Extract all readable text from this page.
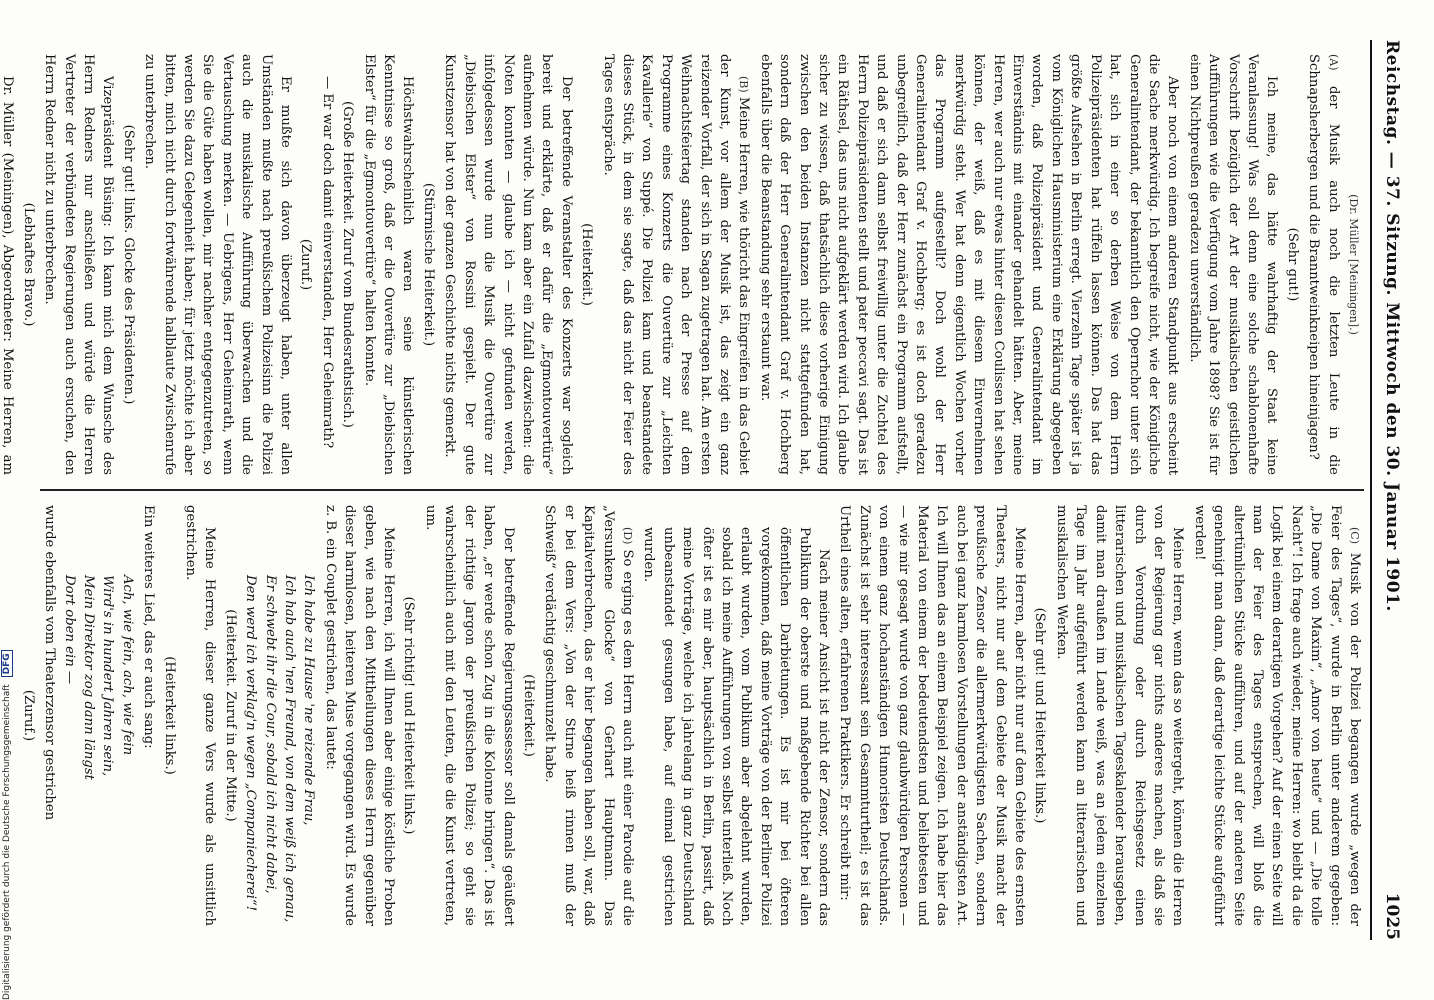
Reichstag. — 37. Sitzung. Mittwoch den 30. Januar 1901.
1025

(Dr. Müller [Meiningen].)

(A) der Musik auch noch die letzten Leute in die Schnapsherbergen und die Branntweinkneipen hineinjagen?

(Sehr gut!)

Ich meine, das hätte wahrhaftig der Staat keine Veranlassung! Was soll denn eine solche schablonenhafte Vorschrift bezüglich der Art der musikalischen geistlichen Aufführungen wie die Verfügung vom Jahre 1898? Sie ist für einen Nichtpreußen geradezu unverständlich.

Aber noch von einem anderen Standpunkt aus erscheint die Sache merkwürdig. Ich begreife nicht, wie der Königliche Generalintendant, der bekanntlich den Opernchor unter sich hat, sich in einer so derben Weise von dem Herrn Polizeipräsidenten hat rüffeln lassen können. Das hat das größte Aufsehen in Berlin erregt. Vierzehn Tage später ist ja vom Königlichen Hausministerium eine Erklärung abgegeben worden, daß Polizeipräsident und Generalintendant im Einverständnis mit einander gehandelt hätten. Aber, meine Herren, wer auch nur etwas hinter diesen Coulissen hat sehen können, der weiß, daß es mit diesem Einvernehmen merkwürdig steht. Wer hat denn eigentlich Wochen vorher das Programm aufgestellt? Doch wohl der Herr Generalintendant Graf v. Hochberg; es ist doch geradezu unbegreiflich, daß der Herr zunächst ein Programm aufstellt, und daß er sich dann selbst freiwillig unter die Zuchtel des Herrn Polizeipräsidenten stellt und pater peccavi sagt. Das ist ein Räthsel, das uns nicht aufgeklärt werden wird. Ich glaube sicher zu wissen, daß thatsächlich diese vorherige Einigung zwischen den beiden Instanzen nicht stattgefunden hat, sondern daß der Herr Generalintendant Graf v. Hochberg ebenfalls über die Beanstandung sehr erstaunt war.

(B) Meine Herren, wie thöricht das Eingreifen in das Gebiet der Kunst, vor allem der Musik ist, das zeigt ein ganz reizender Vorfall, der sich in Sagan zugetragen hat. Am ersten Weihnachtsfeiertag standen nach der Presse auf dem Programme eines Konzerts die Ouvertüre zur „Leichten Kavallerie“ von Suppé. Die Polizei kam und beanstandete dieses Stück, in dem sie sagte, daß das nicht der Feier des Tages entspräche.

(Heiterkeit.)

Der betreffende Veranstalter des Konzerts war sogleich bereit und erklärte, daß er dafür die „Egmontouvertüre“ aufnehmen würde. Nun kam aber ein Zufall dazwischen: die Noten konnten — glaube ich — nicht gefunden werden, infolgedessen wurde nun die Musik die Ouvertüre zur „Diebischen Elster“ von Rossini gespielt. Der gute Kunstzensor hat von der ganzen Geschichte nichts gemerkt.

(Stürmische Heiterkeit.)

Höchstwahrscheinlich waren seine künstlerischen Kenntnisse so groß, daß er die Ouvertüre zur „Diebischen Elster“ für die „Egmontouvertüre“ halten konnte.

(Große Heiterkeit. Zuruf vom Bundesrathstisch.)

— Er war doch damit einverstanden, Herr Geheimrath?

(Zuruf.)

Er mußte sich davon überzeugt haben, unter allen Umständen mußte nach preußischem Polizeisinn die Polizei auch die musikalische Aufführung überwachen und die Vertauschung merken. — Uebrigens, Herr Geheimrath, wenn Sie die Güte haben wollen, mir nachher entgegenzutreten, so werden Sie dazu Gelegenheit haben; für jetzt möchte ich aber bitten, mich nicht durch fortwährende halblaute Zwischenrufe zu unterbrechen.

(Sehr gut! links. Glocke des Präsidenten.)

Vizepräsident Büsing: Ich kann mich dem Wunsche des Herrn Redners nur anschließen und würde die Herren Vertreter der verbündeten Regierungen auch ersuchen, den Herrn Redner nicht zu unterbrechen.

(Lebhaftes Bravo.)

Dr. Müller (Meiningen), Abgeordneter: Meine Herren, am

(C) Musik von der Polizei begangen wurde „wegen der Feier des Tages“, wurde in Berlin unter anderem gegeben: „Die Dame von Maxim“, „Amor von heute“ und — „Die tolle Nacht“! Ich frage auch wieder, meine Herren: wo bleibt da die Logik bei einem derartigen Vorgehen? Auf der einen Seite will man der Feier des Tages entsprechen, will bloß die altertümlichen Stücke aufführen, und auf der anderen Seite genehmigt man dann, daß derartige leichte Stücke aufgeführt werden!

Meine Herren, wenn das so weitergeht, können die Herren von der Regierung gar nichts anderes machen, als daß sie durch Verordnung oder durch Reichsgesetz einen litterarischen und musikalischen Tageskalender herausgeben, damit man draußen im Lande weiß, was an jedem einzelnen Tage im Jahr aufgeführt werden kann an litterarischen und musikalischen Werken.

(Sehr gut! und Heiterkeit links.)

Meine Herren, aber nicht nur auf dem Gebiete des ernsten Theaters, nicht nur auf dem Gebiete der Musik macht der preußische Zensor die allermerkwürdigsten Sachen, sondern auch bei ganz harmlosen Vorstellungen der anständigsten Art. Ich will Ihnen das an einem Beispiel zeigen. Ich habe hier das Material von einem der bedeutendsten und beliebtesten und — wie mir gesagt wurde von ganz glaubwürdigen Personen — von einem ganz hochanständigen Humoristen Deutschlands. Zunächst ist sehr interessant sein Gesammturtheil; es ist das Urtheil eines alten, erfahrenen Praktikers. Er schreibt mir:

Nach meiner Ansicht ist nicht der Zensor, sondern das Publikum der oberste und maßgebende Richter bei allen öffentlichen Darbietungen. Es ist mir bei öfteren vorgekommen, daß meine Vorträge von der Berliner Polizei erlaubt wurden, vom Publikum aber abgelehnt wurden, sobald ich meine Aufführungen von selbst unterließ. Noch öfter ist es mir aber, hauptsächlich in Berlin, passirt, daß meine Vorträge, welche ich jahrelang in ganz Deutschland unbeanstandet gesungen habe, auf einmal gestrichen wurden.

(D) So erging es dem Herrn auch mit einer Parodie auf die „Versunkene Glocke“ von Gerhart Hauptmann. Das Kapitalverbrechen, das er hier begangen haben soll, war, daß er bei dem Vers: „Von der Stirne heiß rinnen muß der Schweiß“ verdächtig geschmunzelt habe.

(Heiterkeit.)

Der betreffende Regierungsassessor soll damals geäußert haben, „er werde schon Zug in die Kolonne bringen“. Das ist der richtige Jargon der preußischen Polizei; so geht sie wahrscheinlich auch mit den Leuten, die die Kunst vertreten, um.

(Sehr richtig! und Heiterkeit links.)

Meine Herren, ich will Ihnen aber einige köstliche Proben geben, wie nach den Mittheilungen dieses Herrn gegenüber dieser harmlosen, heiteren Muse vorgegangen wird. Es wurde z. B. ein Couplet gestrichen, das lautet:

Ich habe zu Hause 'ne reizende Frau,

Ich hab auch 'nen Freund, von dem weiß ich genau,

Er schwebt ihr die Cour, sobald ich nicht dabei,

Den werd ich verklag'n wegen „Companiecherei“!

(Heiterkeit. Zuruf in der Mitte.)

Meine Herren, dieser ganze Vers wurde als unsittlich gestrichen.

(Heiterkeit links.)

Ein weiteres Lied, das er auch sang:

Ach, wie fein, ach, wie fein

Wird's in hundert Jahren sein,

Mein Direktor zog dann längst

Dort oben ein —

wurde ebenfalls vom Theaterzensor gestrichen

(Zuruf.)

Digitalisierung gefördert durch die Deutsche Forschungsgemeinschaft DFG
